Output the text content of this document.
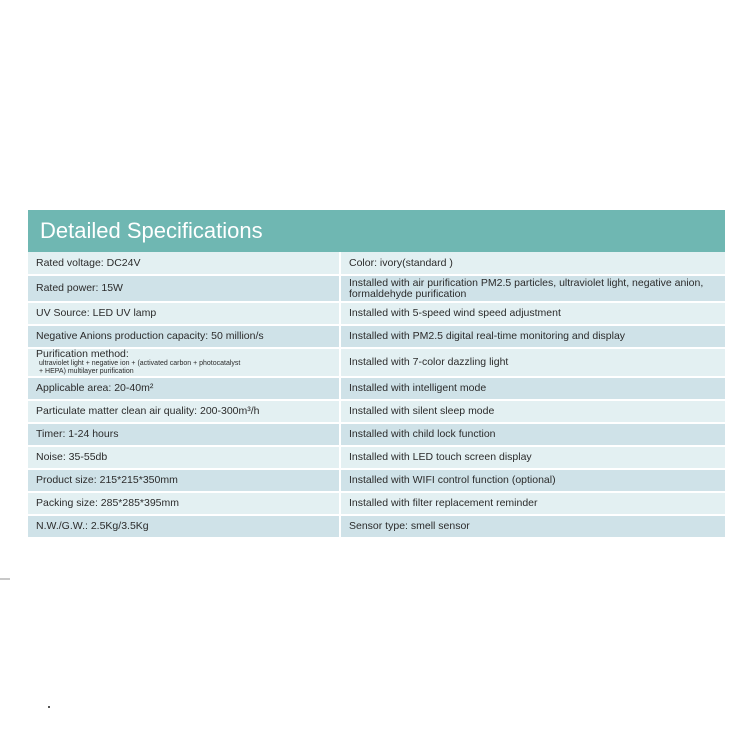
Detailed Specifications
Rated voltage: DC24V	Color: ivory(standard )
Rated power: 15W	Installed with air purification PM2.5 particles, ultraviolet light, negative anion, formaldehyde purification
UV Source: LED UV lamp	Installed with 5-speed wind speed adjustment
Negative Anions production capacity: 50 million/s	Installed with PM2.5 digital real-time monitoring and display
Purification method:ultraviolet light + negative ion + (activated carbon + photocatalyst + HEPA) multilayer purification	Installed with 7-color dazzling light
Applicable area: 20-40m²	Installed with intelligent mode
Particulate matter clean air quality: 200-300m³/h	Installed with silent sleep mode
Timer: 1-24 hours	Installed with child lock function
Noise: 35-55db	Installed with LED touch screen display
Product size: 215*215*350mm	Installed with WIFI control function (optional)
Packing size: 285*285*395mm	Installed with filter replacement reminder
N.W./G.W.: 2.5Kg/3.5Kg	Sensor type: smell sensor
